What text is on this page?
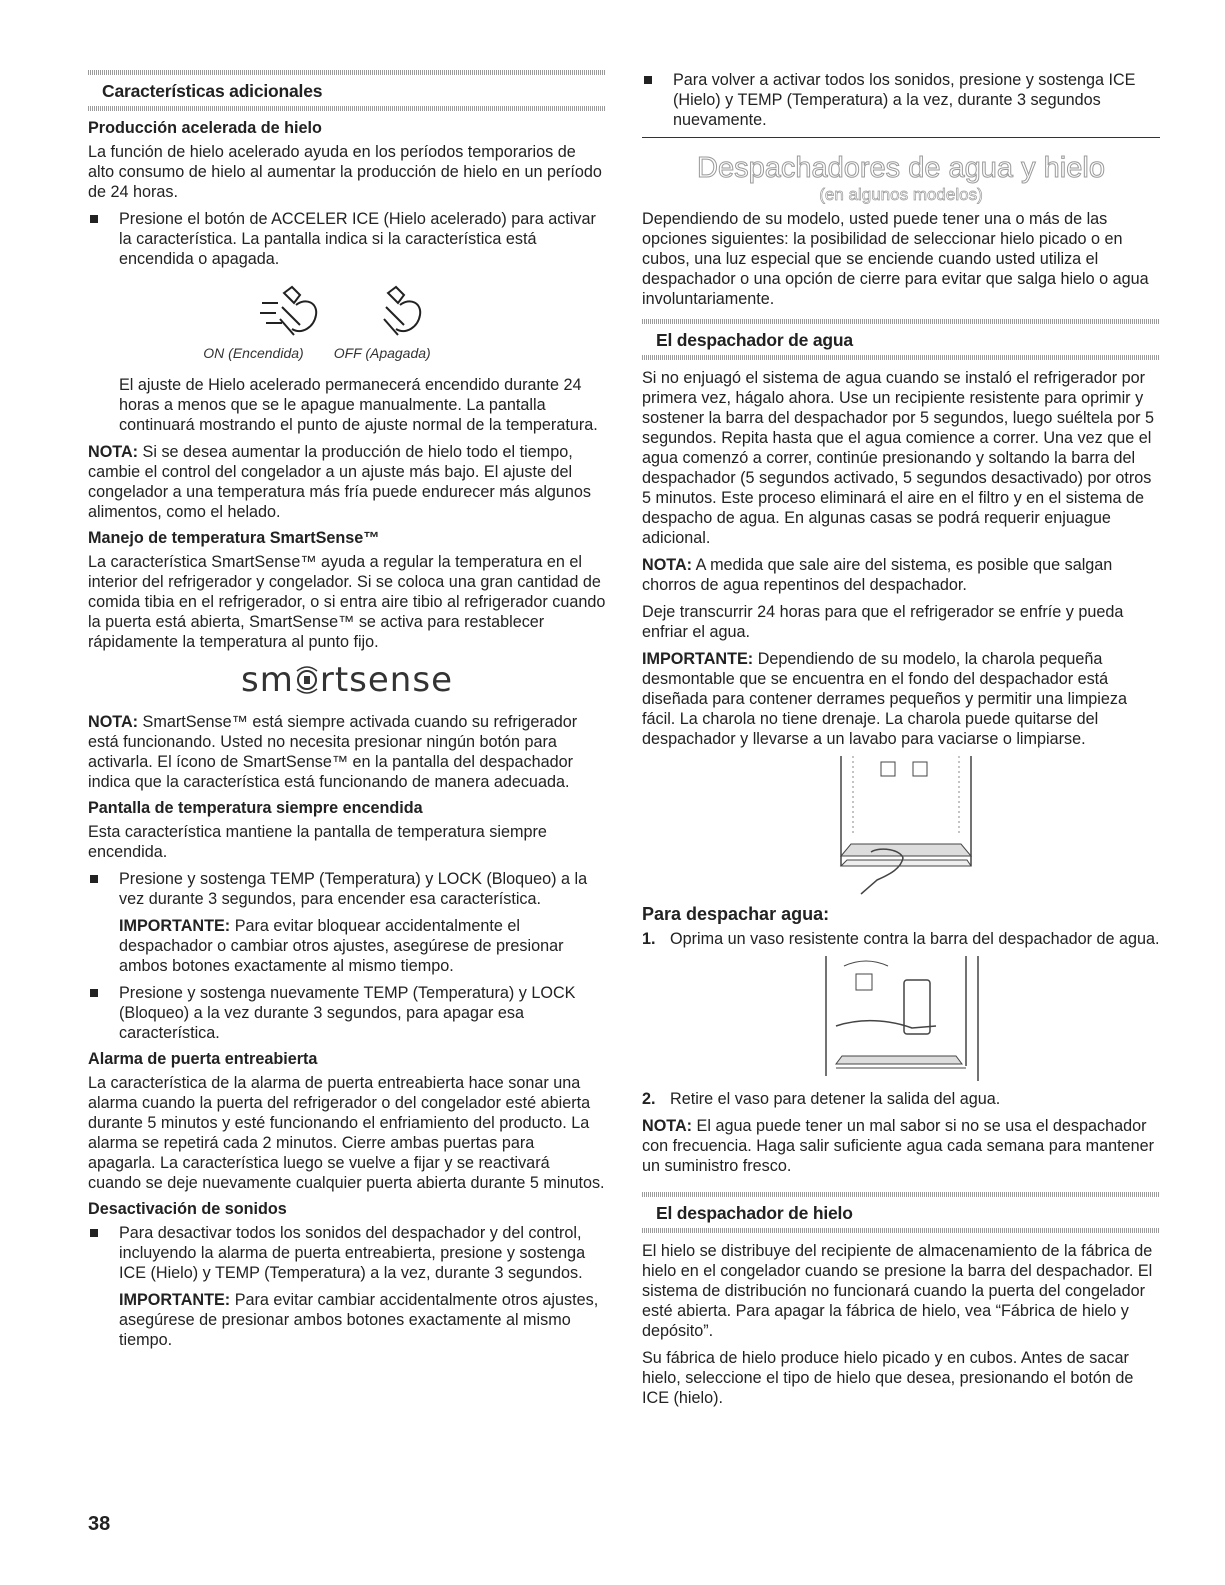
Características adicionales
Producción acelerada de hielo

La función de hielo acelerado ayuda en los períodos temporarios de alto consumo de hielo al aumentar la producción de hielo en un período de 24 horas.

Presione el botón de ACCELER ICE (Hielo acelerado) para activar la característica. La pantalla indica si la característica está encendida o apagada.
ON (Encendida) OFF (Apagada)

El ajuste de Hielo acelerado permanecerá encendido durante 24 horas a menos que se le apague manualmente. La pantalla continuará mostrando el punto de ajuste normal de la temperatura.

NOTA: Si se desea aumentar la producción de hielo todo el tiempo, cambie el control del congelador a un ajuste más bajo. El ajuste del congelador a una temperatura más fría puede endurecer más algunos alimentos, como el helado.

Manejo de temperatura SmartSense™

La característica SmartSense™ ayuda a regular la temperatura en el interior del refrigerador y congelador. Si se coloca una gran cantidad de comida tibia en el refrigerador, o si entra aire tibio al refrigerador cuando la puerta está abierta, SmartSense™ se activa para restablecer rápidamente la temperatura al punto fijo.

sm rtsense

NOTA: SmartSense™ está siempre activada cuando su refrigerador está funcionando. Usted no necesita presionar ningún botón para activarla. El ícono de SmartSense™ en la pantalla del despachador indica que la característica está funcionando de manera adecuada.

Pantalla de temperatura siempre encendida

Esta característica mantiene la pantalla de temperatura siempre encendida.

Presione y sostenga TEMP (Temperatura) y LOCK (Bloqueo) a la vez durante 3 segundos, para encender esa característica.

IMPORTANTE: Para evitar bloquear accidentalmente el despachador o cambiar otros ajustes, asegúrese de presionar ambos botones exactamente al mismo tiempo.

Presione y sostenga nuevamente TEMP (Temperatura) y LOCK (Bloqueo) a la vez durante 3 segundos, para apagar esa característica.
Alarma de puerta entreabierta

La característica de la alarma de puerta entreabierta hace sonar una alarma cuando la puerta del refrigerador o del congelador esté abierta durante 5 minutos y esté funcionando el enfriamiento del producto. La alarma se repetirá cada 2 minutos. Cierre ambas puertas para apagarla. La característica luego se vuelve a fijar y se reactivará cuando se deje nuevamente cualquier puerta abierta durante 5 minutos.

Desactivación de sonidos
Para desactivar todos los sonidos del despachador y del control, incluyendo la alarma de puerta entreabierta, presione y sostenga ICE (Hielo) y TEMP (Temperatura) a la vez, durante 3 segundos.

IMPORTANTE: Para evitar cambiar accidentalmente otros ajustes, asegúrese de presionar ambos botones exactamente al mismo tiempo.

Para volver a activar todos los sonidos, presione y sostenga ICE (Hielo) y TEMP (Temperatura) a la vez, durante 3 segundos nuevamente.
Despachadores de agua y hielo
(en algunos modelos)

Dependiendo de su modelo, usted puede tener una o más de las opciones siguientes: la posibilidad de seleccionar hielo picado o en cubos, una luz especial que se enciende cuando usted utiliza el despachador o una opción de cierre para evitar que salga hielo o agua involuntariamente.

El despachador de agua

Si no enjuagó el sistema de agua cuando se instaló el refrigerador por primera vez, hágalo ahora. Use un recipiente resistente para oprimir y sostener la barra del despachador por 5 segundos, luego suéltela por 5 segundos. Repita hasta que el agua comience a correr. Una vez que el agua comenzó a correr, continúe presionando y soltando la barra del despachador (5 segundos activado, 5 segundos desactivado) por otros 5 minutos. Este proceso eliminará el aire en el filtro y en el sistema de despacho de agua. En algunas casas se podrá requerir enjuague adicional.

NOTA: A medida que sale aire del sistema, es posible que salgan chorros de agua repentinos del despachador.

Deje transcurrir 24 horas para que el refrigerador se enfríe y pueda enfriar el agua.

IMPORTANTE: Dependiendo de su modelo, la charola pequeña desmontable que se encuentra en el fondo del despachador está diseñada para contener derrames pequeños y permitir una limpieza fácil. La charola no tiene drenaje. La charola puede quitarse del despachador y llevarse a un lavabo para vaciarse o limpiarse.

Para despachar agua:
1. Oprima un vaso resistente contra la barra del despachador de agua.
2. Retire el vaso para detener la salida del agua.

NOTA: El agua puede tener un mal sabor si no se usa el despachador con frecuencia. Haga salir suficiente agua cada semana para mantener un suministro fresco.

El despachador de hielo

El hielo se distribuye del recipiente de almacenamiento de la fábrica de hielo en el congelador cuando se presione la barra del despachador. El sistema de distribución no funcionará cuando la puerta del congelador esté abierta. Para apagar la fábrica de hielo, vea “Fábrica de hielo y depósito”.

Su fábrica de hielo produce hielo picado y en cubos. Antes de sacar hielo, seleccione el tipo de hielo que desea, presionando el botón de ICE (hielo).

38
